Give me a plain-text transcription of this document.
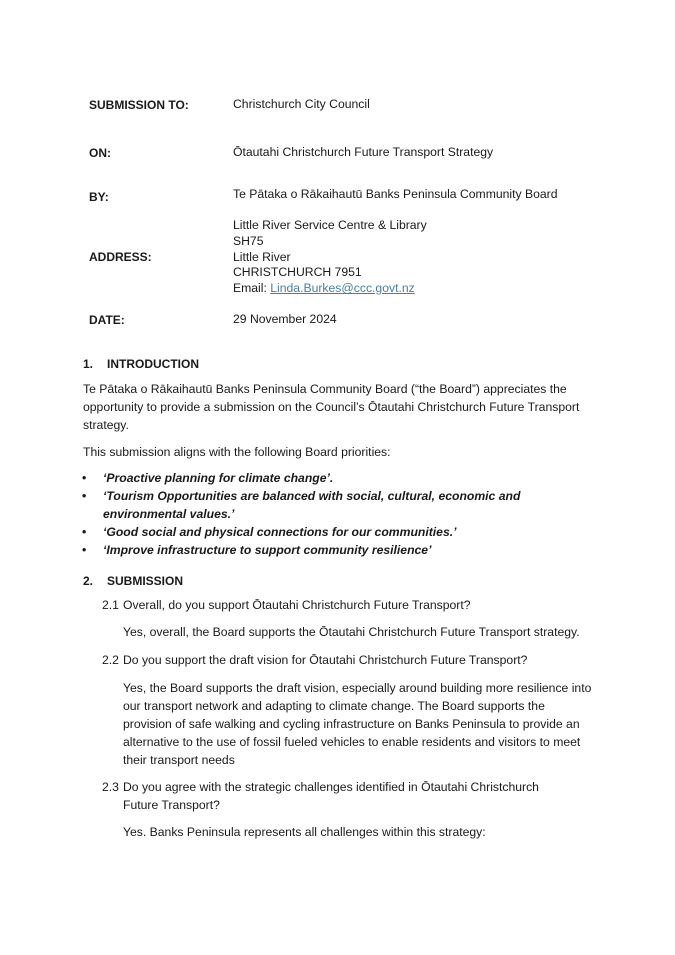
SUBMISSION TO:	Christchurch City Council
ON:	Ōtautahi Christchurch Future Transport Strategy
BY:	Te Pātaka o Rākaihautū Banks Peninsula Community Board
ADDRESS:
Little River Service Centre & Library
SH75
Little River
CHRISTCHURCH 7951
Email: Linda.Burkes@ccc.govt.nz
DATE:	29 November 2024
1. INTRODUCTION
Te Pātaka o Rākaihautū Banks Peninsula Community Board (“the Board”) appreciates the opportunity to provide a submission on the Council’s Ōtautahi Christchurch Future Transport strategy.
This submission aligns with the following Board priorities:
• ‘Proactive planning for climate change’.
• ‘Tourism Opportunities are balanced with social, cultural, economic and environmental values.’
• ‘Good social and physical connections for our communities.’
• ‘Improve infrastructure to support community resilience’
2. SUBMISSION
2.1 Overall, do you support Ōtautahi Christchurch Future Transport?
Yes, overall, the Board supports the Ōtautahi Christchurch Future Transport strategy.
2.2 Do you support the draft vision for Ōtautahi Christchurch Future Transport?
Yes, the Board supports the draft vision, especially around building more resilience into our transport network and adapting to climate change. The Board supports the provision of safe walking and cycling infrastructure on Banks Peninsula to provide an alternative to the use of fossil fueled vehicles to enable residents and visitors to meet their transport needs
2.3 Do you agree with the strategic challenges identified in Ōtautahi Christchurch Future Transport?
Yes. Banks Peninsula represents all challenges within this strategy:
